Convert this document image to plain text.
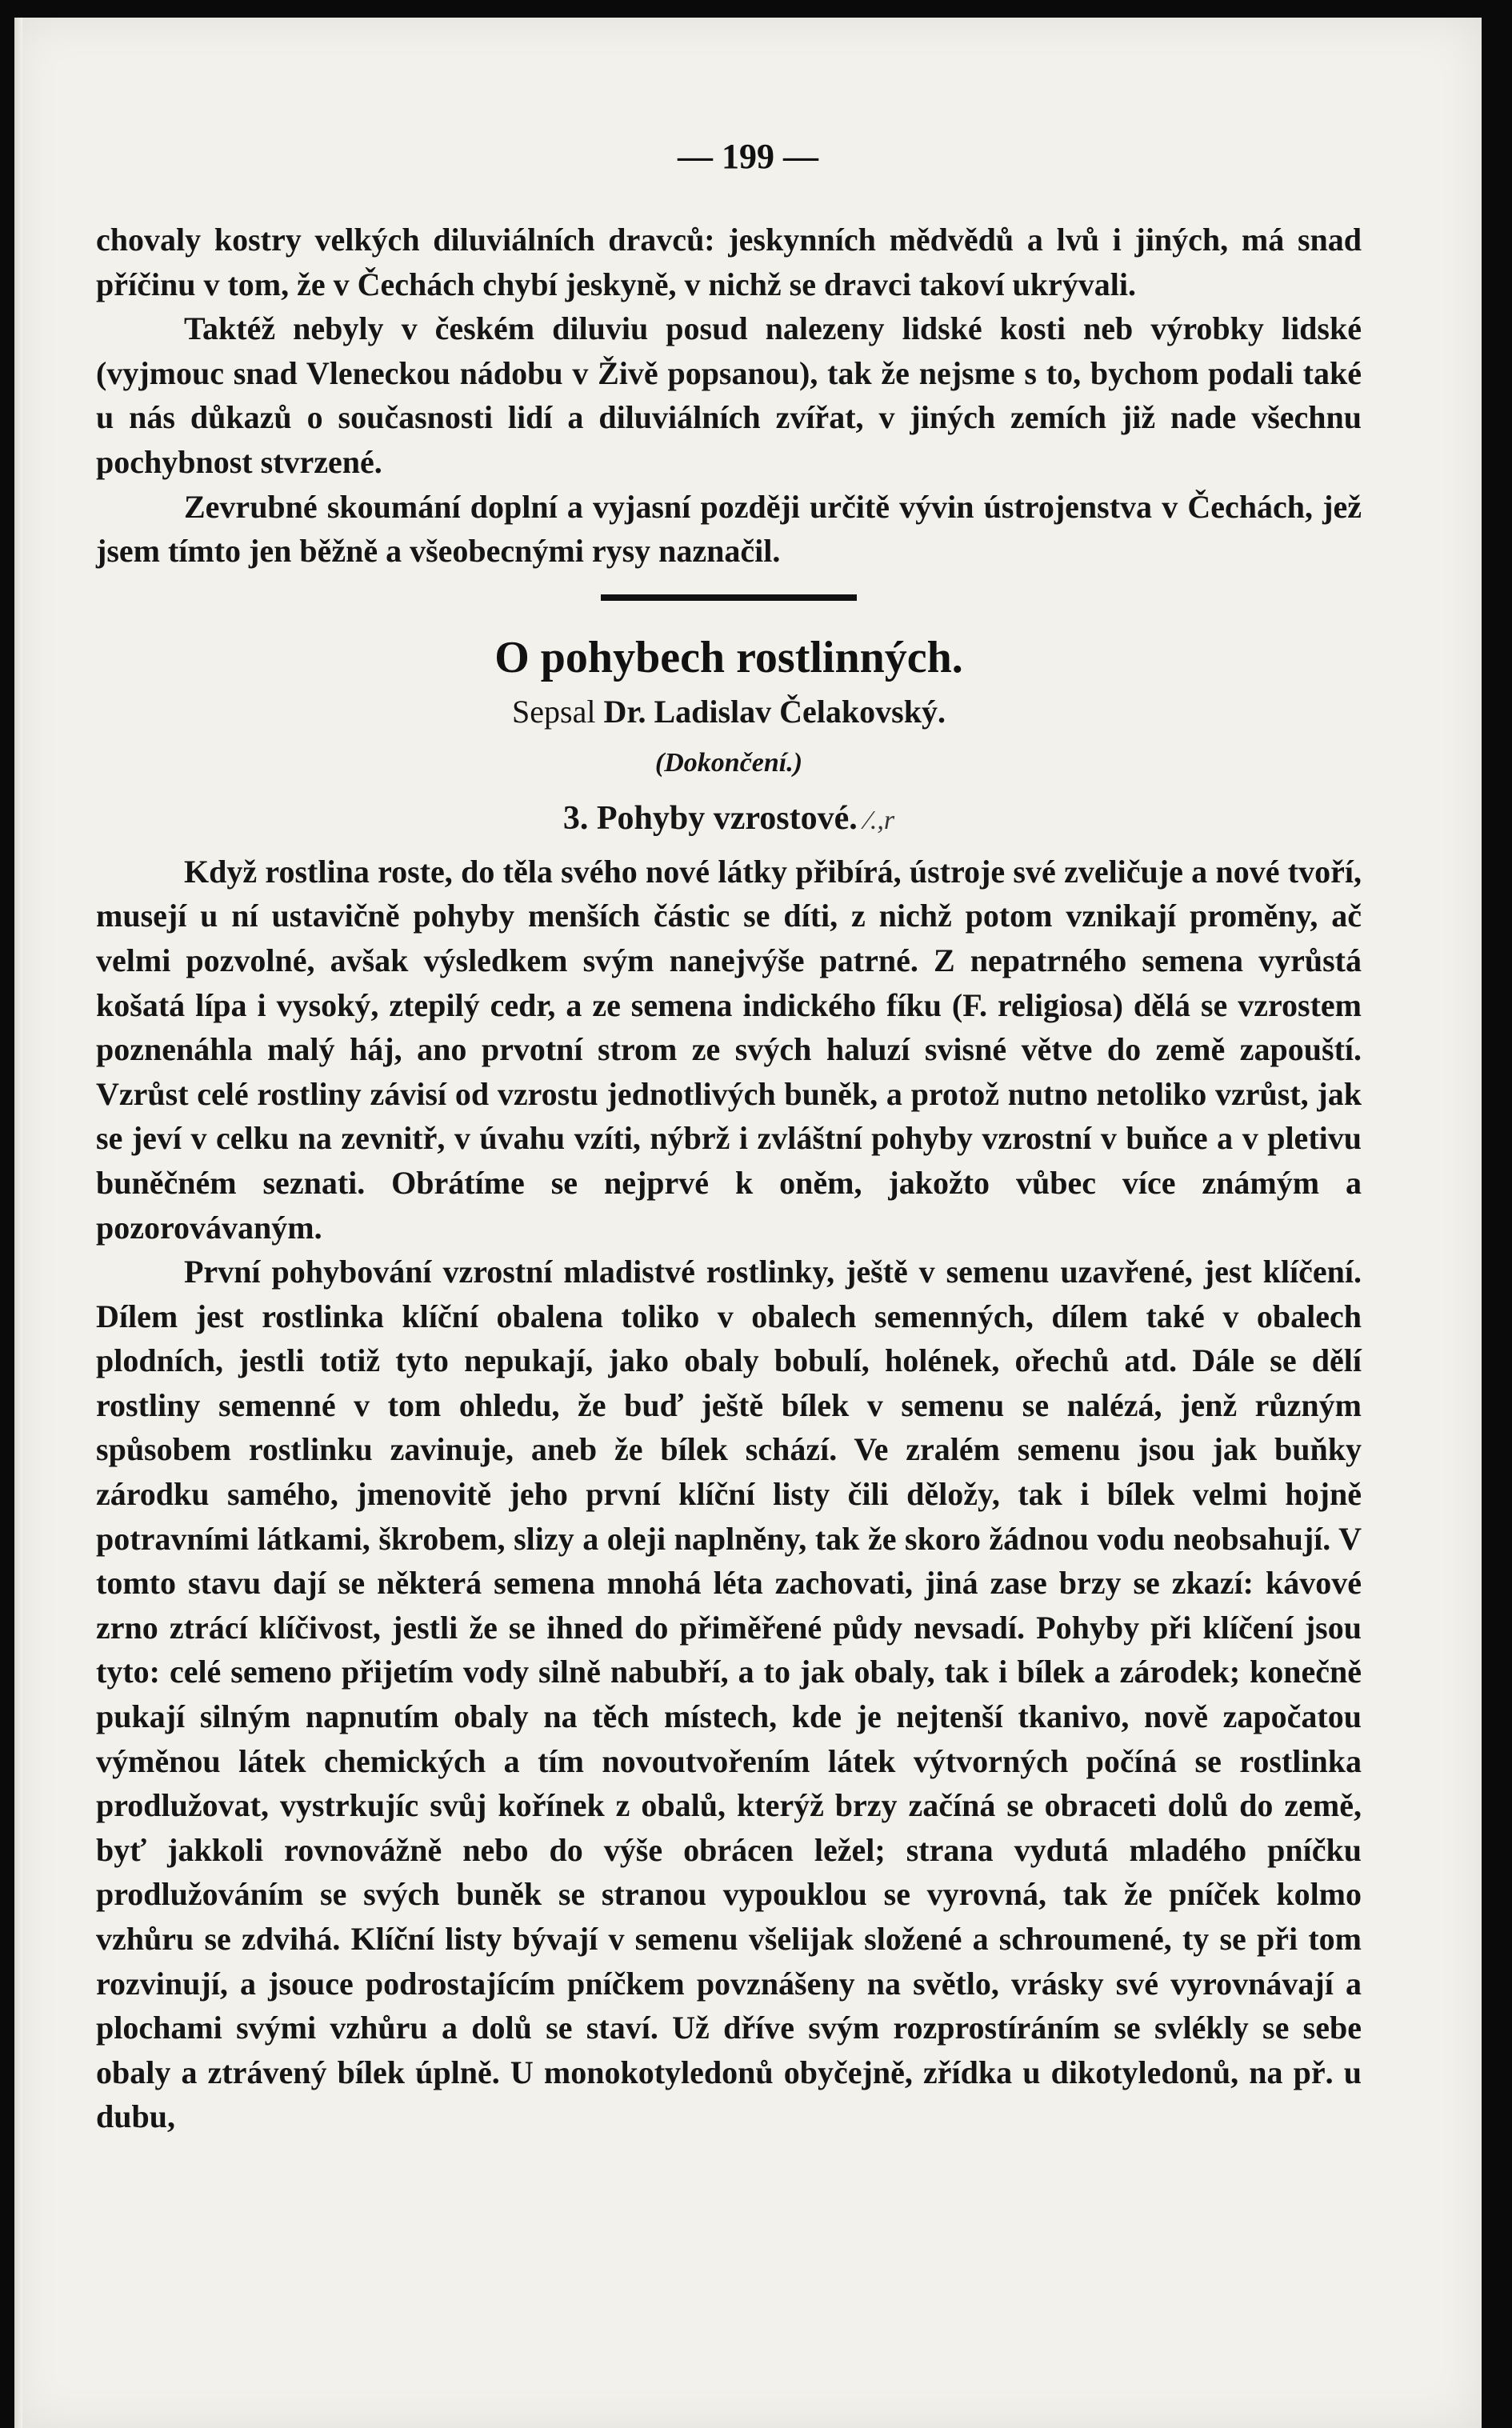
— 199 —

chovaly kostry velkých diluviálních dravců: jeskynních mědvědů a lvů i jiných, má snad příčinu v tom, že v Čechách chybí jeskyně, v nichž se dravci takoví ukrývali.

Taktéž nebyly v českém diluviu posud nalezeny lidské kosti neb výrobky lidské (vyjmouc snad Vleneckou nádobu v Živě popsanou), tak že nejsme s to, bychom podali také u nás důkazů o současnosti lidí a diluviálních zvířat, v jiných zemích již nade všechnu pochybnost stvrzené.

Zevrubné skoumání doplní a vyjasní později určitě vývin ústrojenstva v Čechách, jež jsem tímto jen běžně a všeobecnými rysy naznačil.

O pohybech rostlinných.

Sepsal Dr. Ladislav Čelakovský.

(Dokončení.)

3. Pohyby vzrostové. ⁄.,r

Když rostlina roste, do těla svého nové látky přibírá, ústroje své zveličuje a nové tvoří, musejí u ní ustavičně pohyby menších částic se díti, z nichž potom vznikají proměny, ač velmi pozvolné, avšak výsledkem svým nanejvýše patrné. Z nepatrného semena vyrůstá košatá lípa i vysoký, ztepilý cedr, a ze semena indického fíku (F. religiosa) dělá se vzrostem poznenáhla malý háj, ano prvotní strom ze svých haluzí svisné větve do země zapouští. Vzrůst celé rostliny závisí od vzrostu jednotlivých buněk, a protož nutno netoliko vzrůst, jak se jeví v celku na zevnitř, v úvahu vzíti, nýbrž i zvláštní pohyby vzrostní v buňce a v pletivu buněčném seznati. Obrátíme se nejprvé k oněm, jakožto vůbec více známým a pozorovávaným.

První pohybování vzrostní mladistvé rostlinky, ještě v semenu uzavřené, jest klíčení. Dílem jest rostlinka klíční obalena toliko v obalech semenných, dílem také v obalech plodních, jestli totiž tyto nepukají, jako obaly bobulí, holének, ořechů atd. Dále se dělí rostliny semenné v tom ohledu, že buď ještě bílek v semenu se nalézá, jenž různým spůsobem rostlinku zavinuje, aneb že bílek schází. Ve zralém semenu jsou jak buňky zárodku samého, jmenovitě jeho první klíční listy čili děložy, tak i bílek velmi hojně potravními látkami, škrobem, slizy a oleji naplněny, tak že skoro žádnou vodu neobsahují. V tomto stavu dají se některá semena mnohá léta zachovati, jiná zase brzy se zkazí: kávové zrno ztrácí klíčivost, jestli že se ihned do přiměřené půdy nevsadí. Pohyby při klíčení jsou tyto: celé semeno přijetím vody silně nabubří, a to jak obaly, tak i bílek a zárodek; konečně pukají silným napnutím obaly na těch místech, kde je nejtenší tkanivo, nově započatou výměnou látek chemických a tím novoutvořením látek výtvorných počíná se rostlinka prodlužovat, vystrkujíc svůj kořínek z obalů, kterýž brzy začíná se obraceti dolů do země, byť jakkoli rovnovážně nebo do výše obrácen ležel; strana vydutá mladého pníčku prodlužováním se svých buněk se stranou vypouklou se vyrovná, tak že pníček kolmo vzhůru se zdvihá. Klíční listy bývají v semenu všelijak složené a schroumené, ty se při tom rozvinují, a jsouce podrostajícím pníčkem povznášeny na světlo, vrásky své vyrovnávají a plochami svými vzhůru a dolů se staví. Už dříve svým rozprostíráním se svlékly se sebe obaly a ztrávený bílek úplně. U monokotyledonů obyčejně, zřídka u dikotyledonů, na př. u dubu,
